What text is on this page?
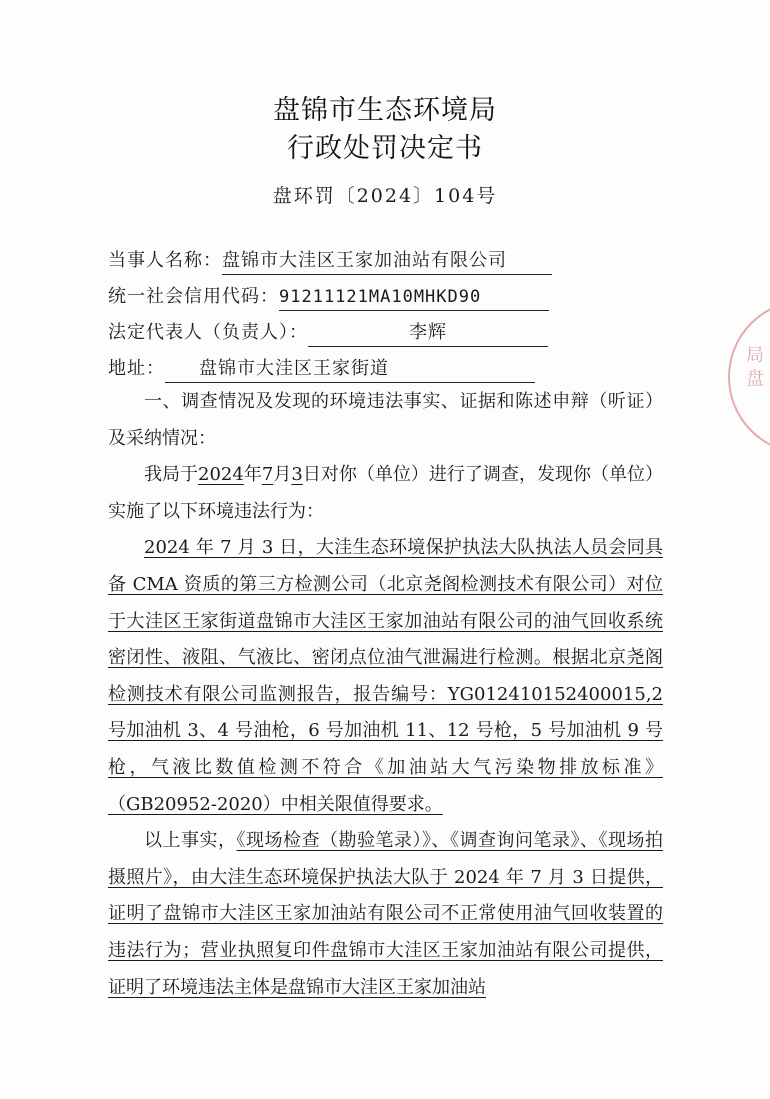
盘锦市生态环境局
行政处罚决定书
盘环罚〔2024〕104号
当事人名称：盘锦市大洼区王家加油站有限公司
统一社会信用代码：91211121MA10MHKD90
法定代表人（负责人）：	李辉
地址： 盘锦市大洼区王家街道

一、调查情况及发现的环境违法事实、证据和陈述申辩（听证）及采纳情况：

我局于2024年7月3日对你（单位）进行了调查，发现你（单位）实施了以下环境违法行为：

2024 年 7 月 3 日，大洼生态环境保护执法大队执法人员会同具备 CMA 资质的第三方检测公司（北京尧阁检测技术有限公司）对位于大洼区王家街道盘锦市大洼区王家加油站有限公司的油气回收系统密闭性、液阻、气液比、密闭点位油气泄漏进行检测。根据北京尧阁检测技术有限公司监测报告，报告编号：YG012410152400015,2 号加油机 3、4 号油枪，6 号加油机 11、12 号枪，5 号加油机 9 号枪，气液比数值检测不符合《加油站大气污染物排放标准》（GB20952-2020）中相关限值得要求。

以上事实，《现场检查（勘验笔录）》、《调查询问笔录》、《现场拍摄照片》，由大洼生态环境保护执法大队于 2024 年 7 月 3 日提供，证明了盘锦市大洼区王家加油站有限公司不正常使用油气回收装置的违法行为；营业执照复印件盘锦市大洼区王家加油站有限公司提供，证明了环境违法主体是盘锦市大洼区王家加油站

局 盘
